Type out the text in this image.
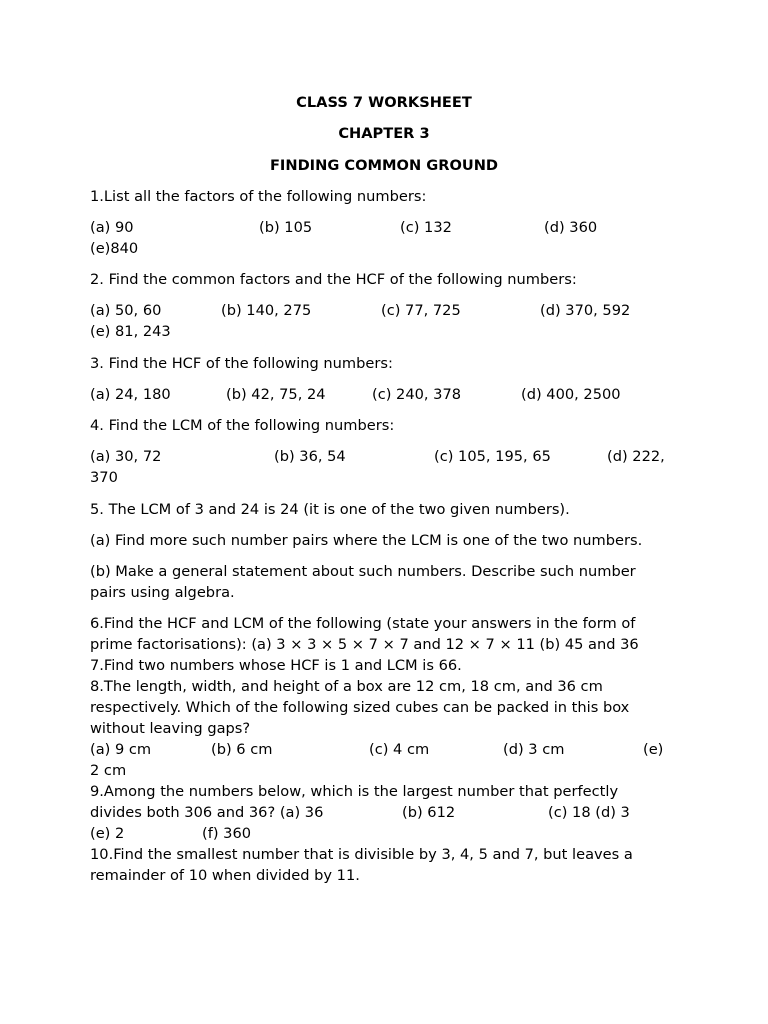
CLASS 7 WORKSHEET
CHAPTER 3
FINDING COMMON GROUND
1.List all the factors of the following numbers:
(a) 90	(b) 105	(c) 132	(d) 360
(e)840
2. Find the common factors and the HCF of the following numbers:
(a) 50, 60	(b) 140, 275	(c) 77, 725	(d) 370, 592
(e) 81, 243
3. Find the HCF of the following numbers:
(a) 24, 180	(b) 42, 75, 24	(c) 240, 378	(d) 400, 2500
4. Find the LCM of the following numbers:
(a) 30, 72	(b) 36, 54	(c) 105, 195, 65	(d) 222,
370
5. The LCM of 3 and 24 is 24 (it is one of the two given numbers).
(a) Find more such number pairs where the LCM is one of the two numbers.
(b) Make a general statement about such numbers. Describe such number
pairs using algebra.
6.Find the HCF and LCM of the following (state your answers in the form of
prime factorisations): (a) 3 × 3 × 5 × 7 × 7 and 12 × 7 × 11 (b) 45 and 36
7.Find two numbers whose HCF is 1 and LCM is 66.
8.The length, width, and height of a box are 12 cm, 18 cm, and 36 cm
respectively. Which of the following sized cubes can be packed in this box
without leaving gaps?
(a) 9 cm	(b) 6 cm	(c) 4 cm	(d) 3 cm	(e)
2 cm
9.Among the numbers below, which is the largest number that perfectly
divides both 306 and 36? (a) 36	(b) 612	(c) 18 (d) 3
(e) 2	(f) 360
10.Find the smallest number that is divisible by 3, 4, 5 and 7, but leaves a
remainder of 10 when divided by 11.
